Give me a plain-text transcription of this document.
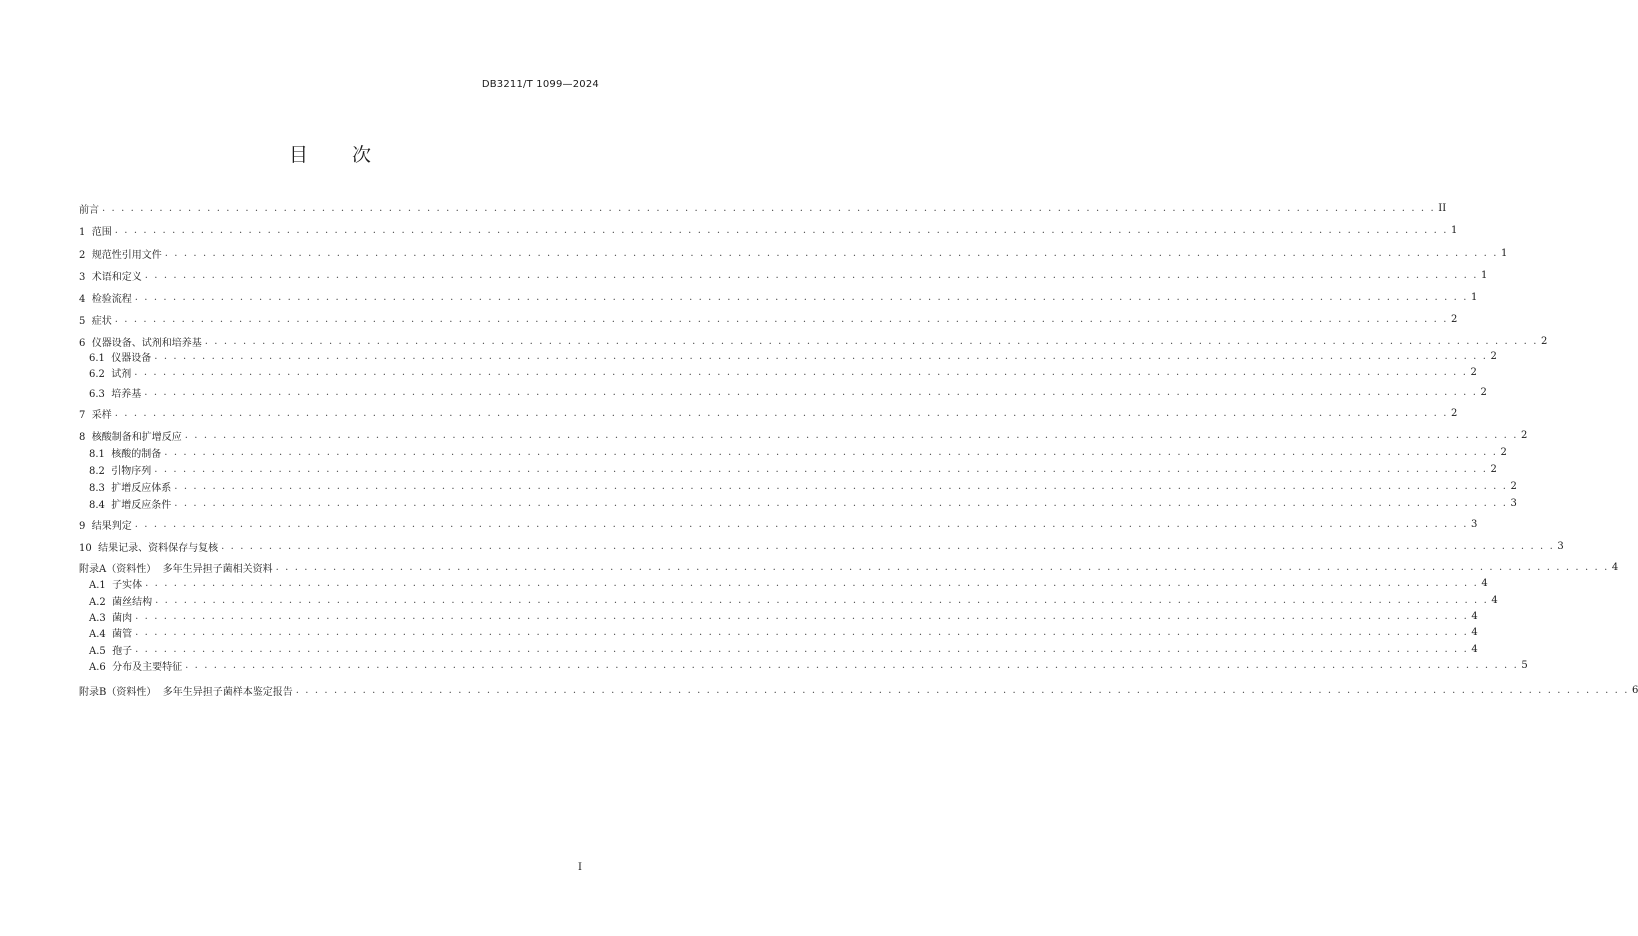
DB3211/T 1099—2024
目　　次
前言 . . . . . . . . . . . . . . . . . . . . . . . . . . . . . . . . . . . . . . . . . . . . . . . . . . . . . . . . . . . . . . . . . . . . . . . . . . . . . . . . . . . . . . . . . . . . . . . . . . . . . . . . . . . . . . . . . . . . . . . . . . . . . . . . . . . . . . . . . . . . II
1  范围 . . . . . . . . . . . . . . . . . . . . . . . . . . . . . . . . . . . . . . . . . . . . . . . . . . . . . . . . . . . . . . . . . . . . . . . . . . . . . . . . . . . . . . . . . . . . . . . . . . . . . . . . . . . . . . . . . . . . . . . . . . . . . . . . . . . . . . . . . . . . 1
2  规范性引用文件 . . . . . . . . . . . . . . . . . . . . . . . . . . . . . . . . . . . . . . . . . . . . . . . . . . . . . . . . . . . . . . . . . . . . . . . . . . . . . . . . . . . . . . . . . . . . . . . . . . . . . . . . . . . . . . . . . . . . . . . . . . . . . . . . . . . . . . . . . . . . 1
3  术语和定义 . . . . . . . . . . . . . . . . . . . . . . . . . . . . . . . . . . . . . . . . . . . . . . . . . . . . . . . . . . . . . . . . . . . . . . . . . . . . . . . . . . . . . . . . . . . . . . . . . . . . . . . . . . . . . . . . . . . . . . . . . . . . . . . . . . . . . . . . . . . . 1
4  检验流程 . . . . . . . . . . . . . . . . . . . . . . . . . . . . . . . . . . . . . . . . . . . . . . . . . . . . . . . . . . . . . . . . . . . . . . . . . . . . . . . . . . . . . . . . . . . . . . . . . . . . . . . . . . . . . . . . . . . . . . . . . . . . . . . . . . . . . . . . . . . . 1
5  症状 . . . . . . . . . . . . . . . . . . . . . . . . . . . . . . . . . . . . . . . . . . . . . . . . . . . . . . . . . . . . . . . . . . . . . . . . . . . . . . . . . . . . . . . . . . . . . . . . . . . . . . . . . . . . . . . . . . . . . . . . . . . . . . . . . . . . . . . . . . . . 2
6  仪器设备、试剂和培养基 . . . . . . . . . . . . . . . . . . . . . . . . . . . . . . . . . . . . . . . . . . . . . . . . . . . . . . . . . . . . . . . . . . . . . . . . . . . . . . . . . . . . . . . . . . . . . . . . . . . . . . . . . . . . . . . . . . . . . . . . . . . . . . . . . . . . . . . . . . . . 2
6.1  仪器设备 . . . . . . . . . . . . . . . . . . . . . . . . . . . . . . . . . . . . . . . . . . . . . . . . . . . . . . . . . . . . . . . . . . . . . . . . . . . . . . . . . . . . . . . . . . . . . . . . . . . . . . . . . . . . . . . . . . . . . . . . . . . . . . . . . . . . . . . . . . . . 2
6.2  试剂 . . . . . . . . . . . . . . . . . . . . . . . . . . . . . . . . . . . . . . . . . . . . . . . . . . . . . . . . . . . . . . . . . . . . . . . . . . . . . . . . . . . . . . . . . . . . . . . . . . . . . . . . . . . . . . . . . . . . . . . . . . . . . . . . . . . . . . . . . . . . 2
6.3  培养基 . . . . . . . . . . . . . . . . . . . . . . . . . . . . . . . . . . . . . . . . . . . . . . . . . . . . . . . . . . . . . . . . . . . . . . . . . . . . . . . . . . . . . . . . . . . . . . . . . . . . . . . . . . . . . . . . . . . . . . . . . . . . . . . . . . . . . . . . . . . . 2
7  采样 . . . . . . . . . . . . . . . . . . . . . . . . . . . . . . . . . . . . . . . . . . . . . . . . . . . . . . . . . . . . . . . . . . . . . . . . . . . . . . . . . . . . . . . . . . . . . . . . . . . . . . . . . . . . . . . . . . . . . . . . . . . . . . . . . . . . . . . . . . . . 2
8  核酸制备和扩增反应 . . . . . . . . . . . . . . . . . . . . . . . . . . . . . . . . . . . . . . . . . . . . . . . . . . . . . . . . . . . . . . . . . . . . . . . . . . . . . . . . . . . . . . . . . . . . . . . . . . . . . . . . . . . . . . . . . . . . . . . . . . . . . . . . . . . . . . . . . . . . 2
8.1  核酸的制备 . . . . . . . . . . . . . . . . . . . . . . . . . . . . . . . . . . . . . . . . . . . . . . . . . . . . . . . . . . . . . . . . . . . . . . . . . . . . . . . . . . . . . . . . . . . . . . . . . . . . . . . . . . . . . . . . . . . . . . . . . . . . . . . . . . . . . . . . . . . . 2
8.2  引物序列 . . . . . . . . . . . . . . . . . . . . . . . . . . . . . . . . . . . . . . . . . . . . . . . . . . . . . . . . . . . . . . . . . . . . . . . . . . . . . . . . . . . . . . . . . . . . . . . . . . . . . . . . . . . . . . . . . . . . . . . . . . . . . . . . . . . . . . . . . . . . 2
8.3  扩增反应体系 . . . . . . . . . . . . . . . . . . . . . . . . . . . . . . . . . . . . . . . . . . . . . . . . . . . . . . . . . . . . . . . . . . . . . . . . . . . . . . . . . . . . . . . . . . . . . . . . . . . . . . . . . . . . . . . . . . . . . . . . . . . . . . . . . . . . . . . . . . . . 2
8.4  扩增反应条件 . . . . . . . . . . . . . . . . . . . . . . . . . . . . . . . . . . . . . . . . . . . . . . . . . . . . . . . . . . . . . . . . . . . . . . . . . . . . . . . . . . . . . . . . . . . . . . . . . . . . . . . . . . . . . . . . . . . . . . . . . . . . . . . . . . . . . . . . . . . . 3
9  结果判定 . . . . . . . . . . . . . . . . . . . . . . . . . . . . . . . . . . . . . . . . . . . . . . . . . . . . . . . . . . . . . . . . . . . . . . . . . . . . . . . . . . . . . . . . . . . . . . . . . . . . . . . . . . . . . . . . . . . . . . . . . . . . . . . . . . . . . . . . . . . . 3
10  结果记录、资料保存与复核 . . . . . . . . . . . . . . . . . . . . . . . . . . . . . . . . . . . . . . . . . . . . . . . . . . . . . . . . . . . . . . . . . . . . . . . . . . . . . . . . . . . . . . . . . . . . . . . . . . . . . . . . . . . . . . . . . . . . . . . . . . . . . . . . . . . . . . . . . . . . 3
附录A（资料性）  多年生异担子菌相关资料 . . . . . . . . . . . . . . . . . . . . . . . . . . . . . . . . . . . . . . . . . . . . . . . . . . . . . . . . . . . . . . . . . . . . . . . . . . . . . . . . . . . . . . . . . . . . . . . . . . . . . . . . . . . . . . . . . . . . . . . . . . . . . . . . . . . . . . . . . . . . 4
A.1  子实体 . . . . . . . . . . . . . . . . . . . . . . . . . . . . . . . . . . . . . . . . . . . . . . . . . . . . . . . . . . . . . . . . . . . . . . . . . . . . . . . . . . . . . . . . . . . . . . . . . . . . . . . . . . . . . . . . . . . . . . . . . . . . . . . . . . . . . . . . . . . . 4
A.2  菌丝结构 . . . . . . . . . . . . . . . . . . . . . . . . . . . . . . . . . . . . . . . . . . . . . . . . . . . . . . . . . . . . . . . . . . . . . . . . . . . . . . . . . . . . . . . . . . . . . . . . . . . . . . . . . . . . . . . . . . . . . . . . . . . . . . . . . . . . . . . . . . . . 4
A.3  菌肉 . . . . . . . . . . . . . . . . . . . . . . . . . . . . . . . . . . . . . . . . . . . . . . . . . . . . . . . . . . . . . . . . . . . . . . . . . . . . . . . . . . . . . . . . . . . . . . . . . . . . . . . . . . . . . . . . . . . . . . . . . . . . . . . . . . . . . . . . . . . . 4
A.4  菌管 . . . . . . . . . . . . . . . . . . . . . . . . . . . . . . . . . . . . . . . . . . . . . . . . . . . . . . . . . . . . . . . . . . . . . . . . . . . . . . . . . . . . . . . . . . . . . . . . . . . . . . . . . . . . . . . . . . . . . . . . . . . . . . . . . . . . . . . . . . . . 4
A.5  孢子 . . . . . . . . . . . . . . . . . . . . . . . . . . . . . . . . . . . . . . . . . . . . . . . . . . . . . . . . . . . . . . . . . . . . . . . . . . . . . . . . . . . . . . . . . . . . . . . . . . . . . . . . . . . . . . . . . . . . . . . . . . . . . . . . . . . . . . . . . . . . 4
A.6  分布及主要特征 . . . . . . . . . . . . . . . . . . . . . . . . . . . . . . . . . . . . . . . . . . . . . . . . . . . . . . . . . . . . . . . . . . . . . . . . . . . . . . . . . . . . . . . . . . . . . . . . . . . . . . . . . . . . . . . . . . . . . . . . . . . . . . . . . . . . . . . . . . . . 5
附录B（资料性）  多年生异担子菌样本鉴定报告 . . . . . . . . . . . . . . . . . . . . . . . . . . . . . . . . . . . . . . . . . . . . . . . . . . . . . . . . . . . . . . . . . . . . . . . . . . . . . . . . . . . . . . . . . . . . . . . . . . . . . . . . . . . . . . . . . . . . . . . . . . . . . . . . . . . . . . . . . . . . 6
I
